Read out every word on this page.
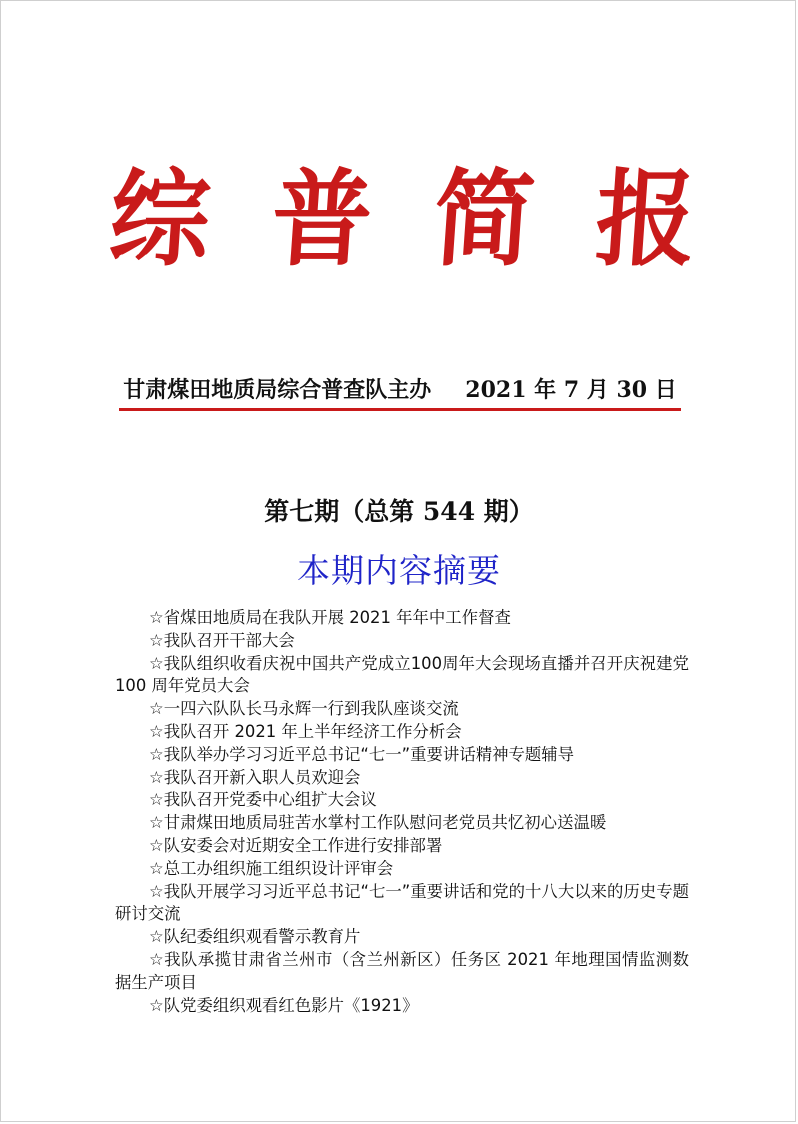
综 普 简 报
甘肃煤田地质局综合普查队主办 2021 年 7 月 30 日
第七期（总第 544 期）
本期内容摘要
☆省煤田地质局在我队开展 2021 年年中工作督查
☆我队召开干部大会
☆我队组织收看庆祝中国共产党成立100周年大会现场直播并召开庆祝建党 100 周年党员大会
☆一四六队队长马永辉一行到我队座谈交流
☆我队召开 2021 年上半年经济工作分析会
☆我队举办学习习近平总书记“七一”重要讲话精神专题辅导
☆我队召开新入职人员欢迎会
☆我队召开党委中心组扩大会议
☆甘肃煤田地质局驻苦水掌村工作队慰问老党员共忆初心送温暖
☆队安委会对近期安全工作进行安排部署
☆总工办组织施工组织设计评审会
☆我队开展学习习近平总书记“七一”重要讲话和党的十八大以来的历史专题研讨交流
☆队纪委组织观看警示教育片
☆我队承揽甘肃省兰州市（含兰州新区）任务区 2021 年地理国情监测数据生产项目
☆队党委组织观看红色影片《1921》
